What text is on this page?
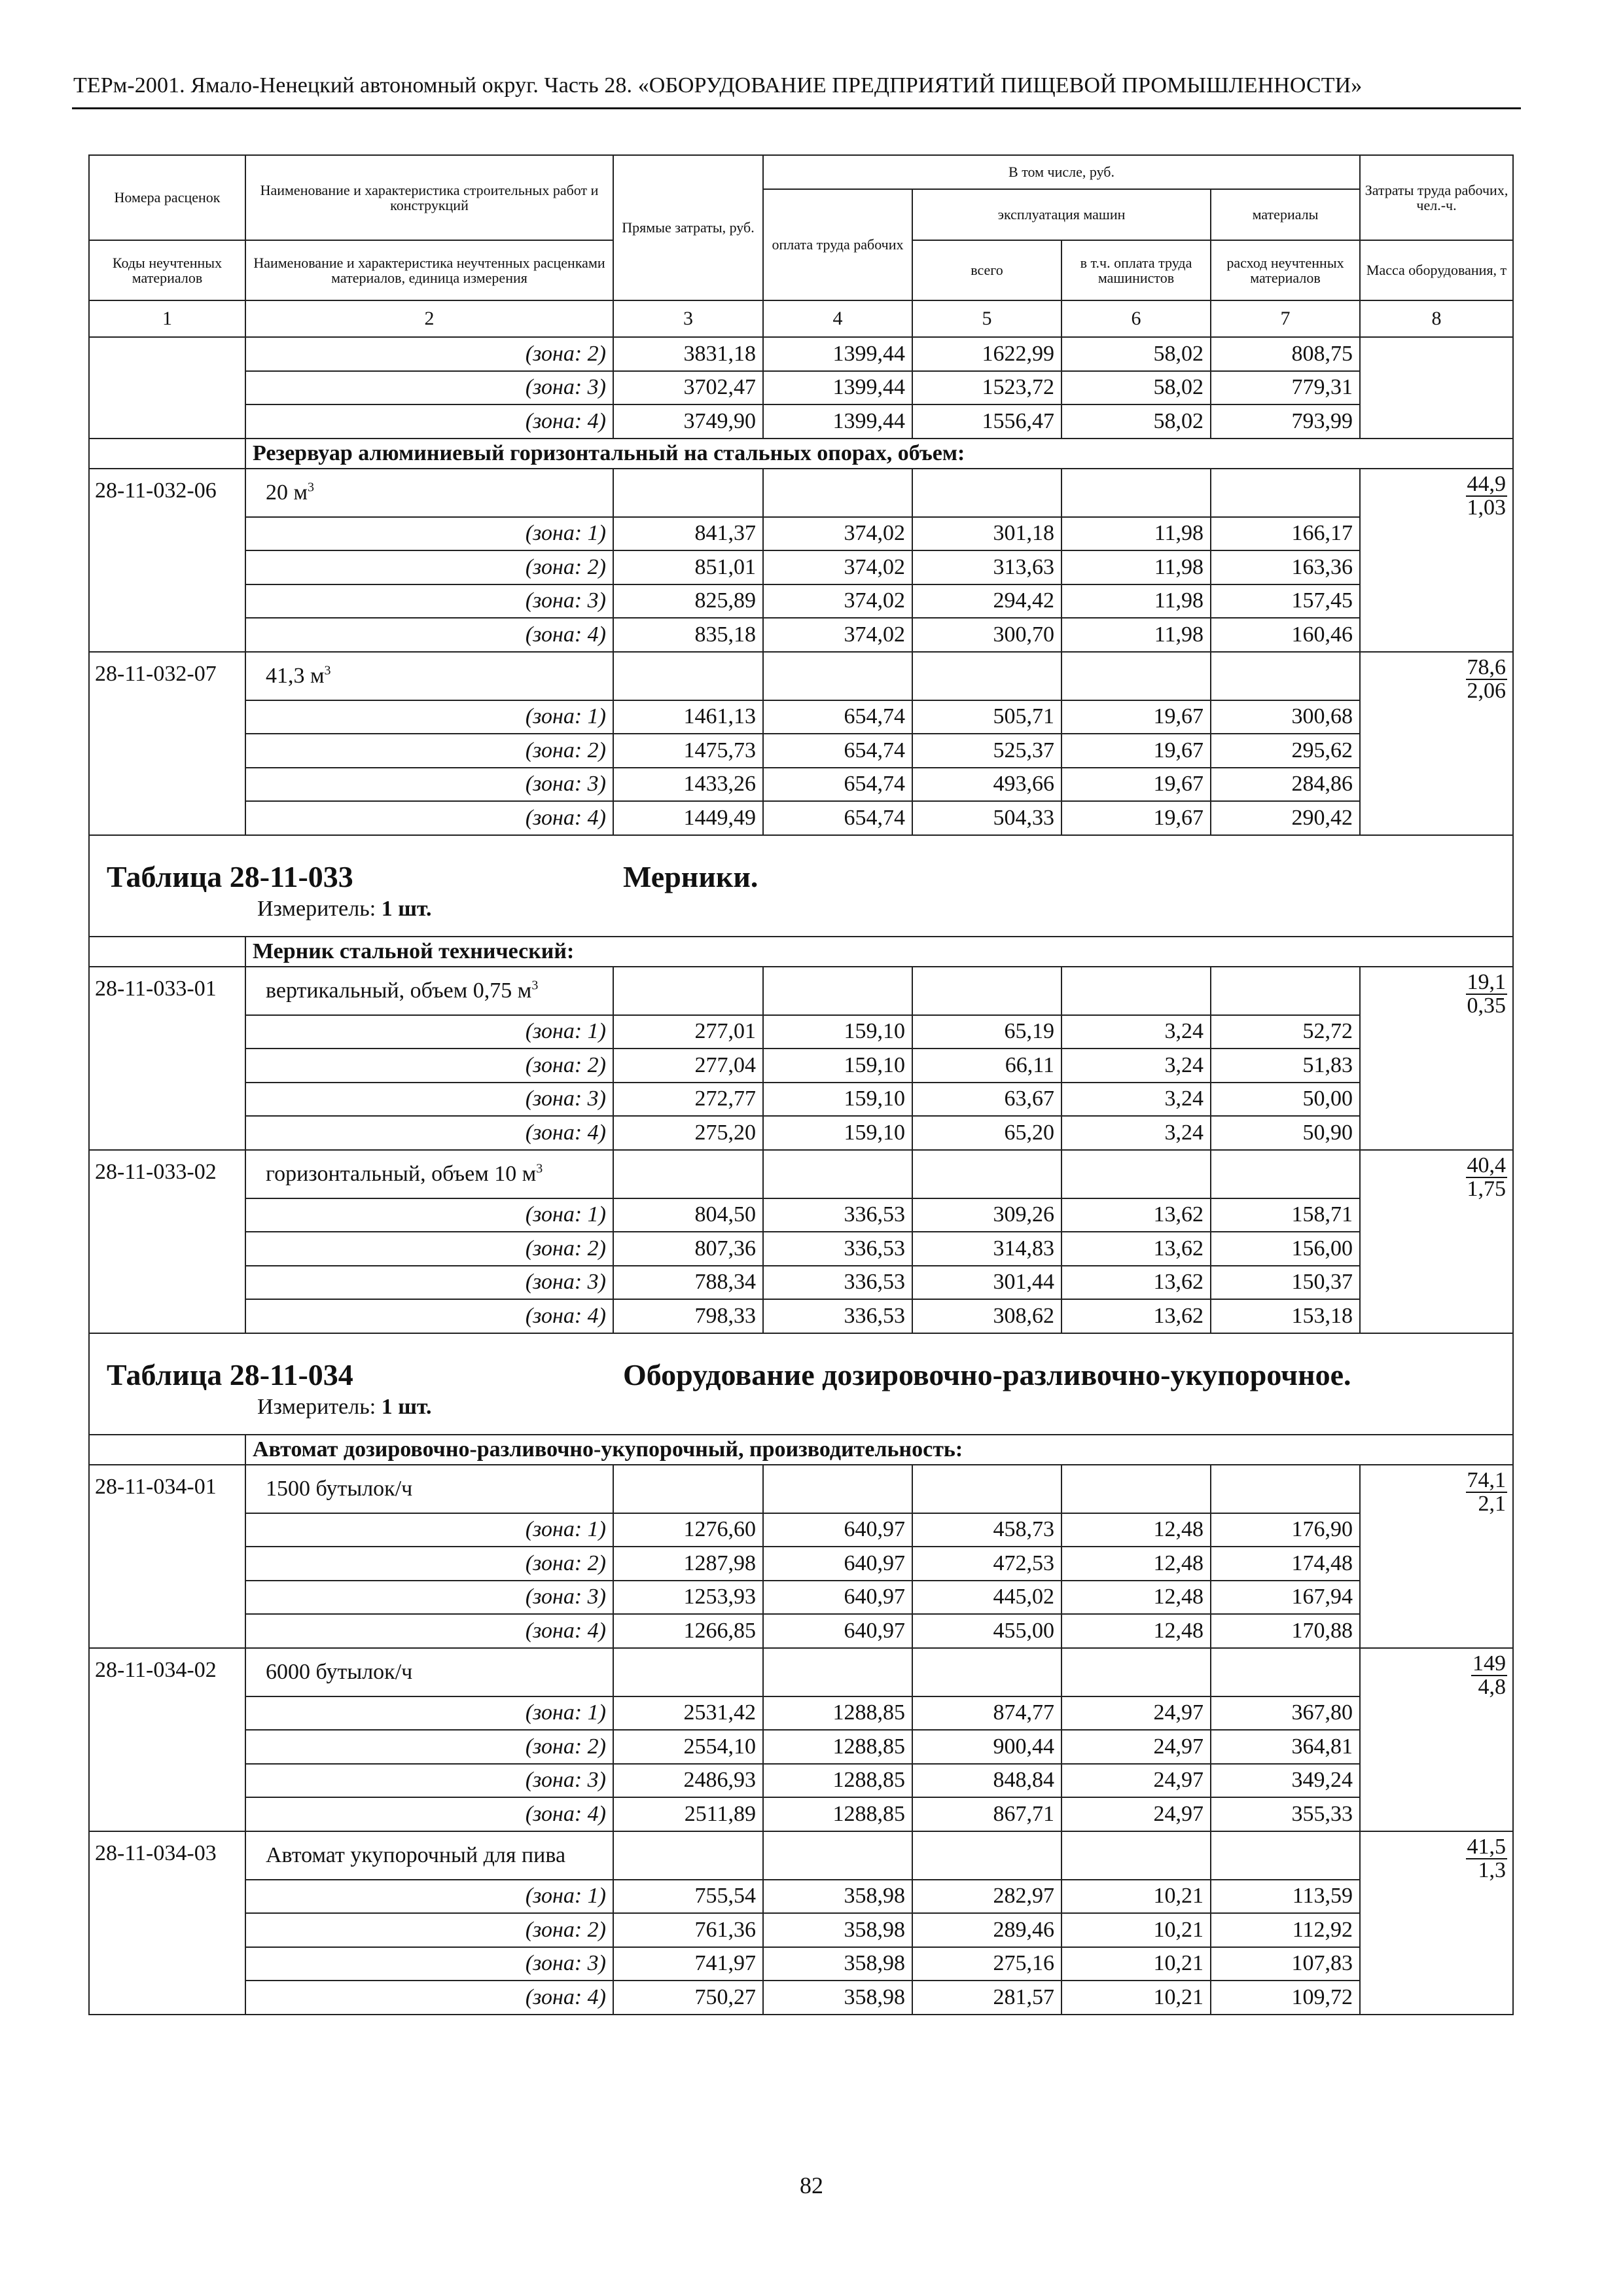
ТЕРм-2001. Ямало-Ненецкий автономный округ. Часть 28. «ОБОРУДОВАНИЕ ПРЕДПРИЯТИЙ ПИЩЕВОЙ ПРОМЫШЛЕННОСТИ»
Номера расценок	Наименование и характеристика строительных работ и конструкций	Прямые затраты, руб.	В том числе, руб.				Затраты труда рабочих, чел.-ч.
			оплата труда рабочих	эксплуатация машин		материалы	
Коды неучтенных материалов	Наименование и характеристика неучтенных расценками материалов, единица измерения			всего	в т.ч. оплата труда машинистов	расход неучтенных материалов	Масса оборудования, т
1	2	3	4	5	6	7	8
	(зона: 2)	3831,18	1399,44	1622,99	58,02	808,75	
	(зона: 3)	3702,47	1399,44	1523,72	58,02	779,31	
	(зона: 4)	3749,90	1399,44	1556,47	58,02	793,99	
	Резервуар алюминиевый горизонтальный на стальных опорах, объем:						
28-11-032-06	20 $м^3$						44,9
1,03

	(зона: 1)	841,37	374,02	301,18	11,98	166,17	
	(зона: 2)	851,01	374,02	313,63	11,98	163,36	
	(зона: 3)	825,89	374,02	294,42	11,98	157,45	
	(зона: 4)	835,18	374,02	300,70	11,98	160,46	
28-11-032-07	41,3 $м^3$						78,6
2,06

	(зона: 1)	1461,13	654,74	505,71	19,67	300,68	
	(зона: 2)	1475,73	654,74	525,37	19,67	295,62	
	(зона: 3)	1433,26	654,74	493,66	19,67	284,86	
	(зона: 4)	1449,49	654,74	504,33	19,67	290,42	
Таблица 28-11-033 Мерники.
Измеритель: 1 шт.							

	Мерник стальной технический:						
28-11-033-01	вертикальный, объем 0,75 $м^3$						19,1
0,35

	(зона: 1)	277,01	159,10	65,19	3,24	52,72	
	(зона: 2)	277,04	159,10	66,11	3,24	51,83	
	(зона: 3)	272,77	159,10	63,67	3,24	50,00	
	(зона: 4)	275,20	159,10	65,20	3,24	50,90	
28-11-033-02	горизонтальный, объем 10 $м^3$						40,4
1,75

	(зона: 1)	804,50	336,53	309,26	13,62	158,71	
	(зона: 2)	807,36	336,53	314,83	13,62	156,00	
	(зона: 3)	788,34	336,53	301,44	13,62	150,37	
	(зона: 4)	798,33	336,53	308,62	13,62	153,18	
Таблица 28-11-034 Оборудование дозировочно-разливочно-укупорочное.
Измеритель: 1 шт.							

	Автомат дозировочно-разливочно-укупорочный, производительность:						
28-11-034-01	1500 бутылок/ч						74,1
2,1

	(зона: 1)	1276,60	640,97	458,73	12,48	176,90	
	(зона: 2)	1287,98	640,97	472,53	12,48	174,48	
	(зона: 3)	1253,93	640,97	445,02	12,48	167,94	
	(зона: 4)	1266,85	640,97	455,00	12,48	170,88	
28-11-034-02	6000 бутылок/ч						149
4,8

	(зона: 1)	2531,42	1288,85	874,77	24,97	367,80	
	(зона: 2)	2554,10	1288,85	900,44	24,97	364,81	
	(зона: 3)	2486,93	1288,85	848,84	24,97	349,24	
	(зона: 4)	2511,89	1288,85	867,71	24,97	355,33	
28-11-034-03	Автомат укупорочный для пива						41,5
1,3

	(зона: 1)	755,54	358,98	282,97	10,21	113,59	
	(зона: 2)	761,36	358,98	289,46	10,21	112,92	
	(зона: 3)	741,97	358,98	275,16	10,21	107,83	
	(зона: 4)	750,27	358,98	281,57	10,21	109,72	
82
